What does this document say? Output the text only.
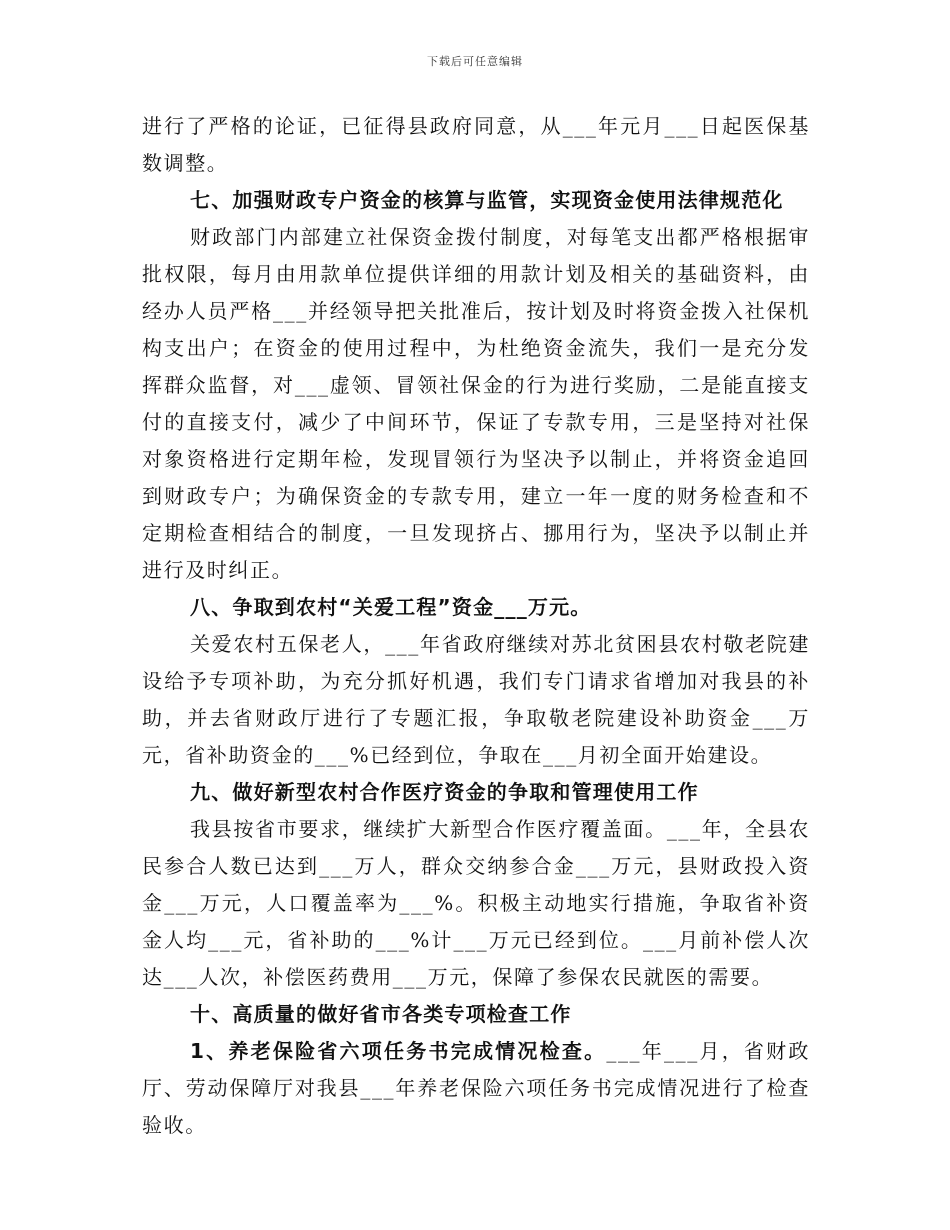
下载后可任意编辑

进行了严格的论证，已征得县政府同意，从___年元月___日起医保基数调整。

七、加强财政专户资金的核算与监管，实现资金使用法律规范化

财政部门内部建立社保资金拨付制度，对每笔支出都严格根据审批权限，每月由用款单位提供详细的用款计划及相关的基础资料，由经办人员严格___并经领导把关批准后，按计划及时将资金拨入社保机构支出户；在资金的使用过程中，为杜绝资金流失，我们一是充分发挥群众监督，对___虚领、冒领社保金的行为进行奖励，二是能直接支付的直接支付，减少了中间环节，保证了专款专用，三是坚持对社保对象资格进行定期年检，发现冒领行为坚决予以制止，并将资金追回到财政专户；为确保资金的专款专用，建立一年一度的财务检查和不定期检查相结合的制度，一旦发现挤占、挪用行为，坚决予以制止并进行及时纠正。

八、争取到农村“关爱工程”资金___万元。

关爱农村五保老人，___年省政府继续对苏北贫困县农村敬老院建设给予专项补助，为充分抓好机遇，我们专门请求省增加对我县的补助，并去省财政厅进行了专题汇报，争取敬老院建设补助资金___万元，省补助资金的___%已经到位，争取在___月初全面开始建设。

九、做好新型农村合作医疗资金的争取和管理使用工作

我县按省市要求，继续扩大新型合作医疗覆盖面。___年，全县农民参合人数已达到___万人，群众交纳参合金___万元，县财政投入资金___万元，人口覆盖率为___%。积极主动地实行措施，争取省补资金人均___元，省补助的___%计___万元已经到位。___月前补偿人次达___人次，补偿医药费用___万元，保障了参保农民就医的需要。

十、高质量的做好省市各类专项检查工作

1、养老保险省六项任务书完成情况检查。___年___月，省财政厅、劳动保障厅对我县___年养老保险六项任务书完成情况进行了检查验收。
